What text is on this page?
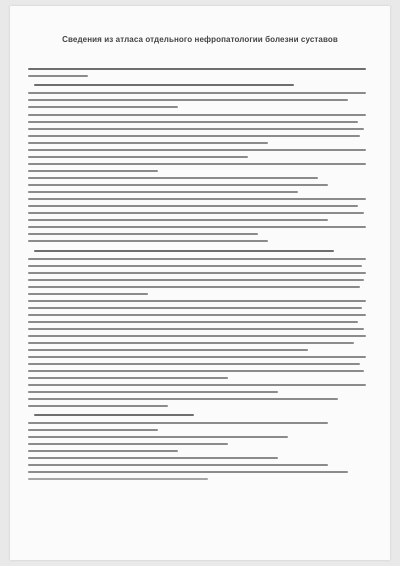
Сведения из атласа отдельного нефропатологии болезни суставов
